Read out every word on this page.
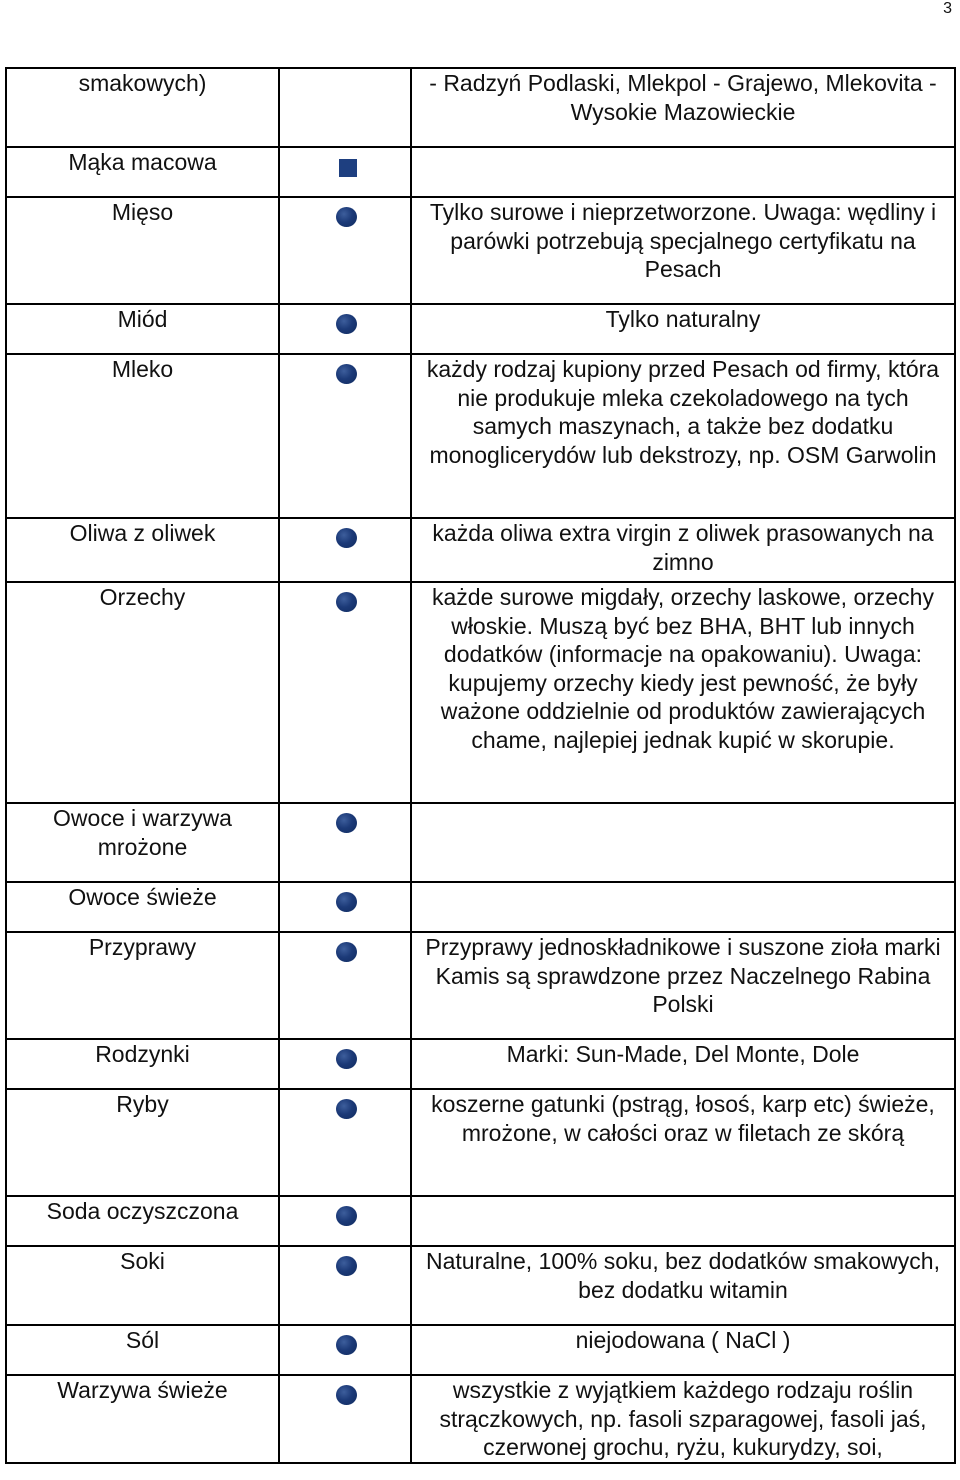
3
smakowych)		- Radzyń Podlaski, Mlekpol - Grajewo, Mlekovita - Wysokie Mazowieckie
Mąka macowa	

Mięso		Tylko surowe i nieprzetworzone. Uwaga: wędliny i parówki potrzebują specjalnego certyfikatu na Pesach
Miód		Tylko naturalny
Mleko		każdy rodzaj kupiony przed Pesach od firmy, która nie produkuje mleka czekoladowego na tych samych maszynach, a także bez dodatku monoglicerydów lub dekstrozy, np. OSM Garwolin
Oliwa z oliwek		każda oliwa extra virgin z oliwek prasowanych na zimno
Orzechy		każde surowe migdały, orzechy laskowe, orzechy włoskie. Muszą być bez BHA, BHT lub innych dodatków (informacje na opakowaniu). Uwaga: kupujemy orzechy kiedy jest pewność, że były ważone oddzielnie od produktów zawierających chame, najlepiej jednak kupić w skorupie.
Owoce i warzywa mrożone	

Owoce świeże	

Przyprawy		Przyprawy jednoskładnikowe i suszone zioła marki Kamis są sprawdzone przez Naczelnego Rabina Polski
Rodzynki		Marki: Sun-Made, Del Monte, Dole
Ryby		koszerne gatunki (pstrąg, łosoś, karp etc) świeże, mrożone, w całości oraz w filetach ze skórą
Soda oczyszczona	

Soki		Naturalne, 100% soku, bez dodatków smakowych, bez dodatku witamin
Sól		niejodowana ( NaCl )
Warzywa świeże		wszystkie z wyjątkiem każdego rodzaju roślin strączkowych, np. fasoli szparagowej, fasoli jaś, czerwonej grochu, ryżu, kukurydzy, soi,
